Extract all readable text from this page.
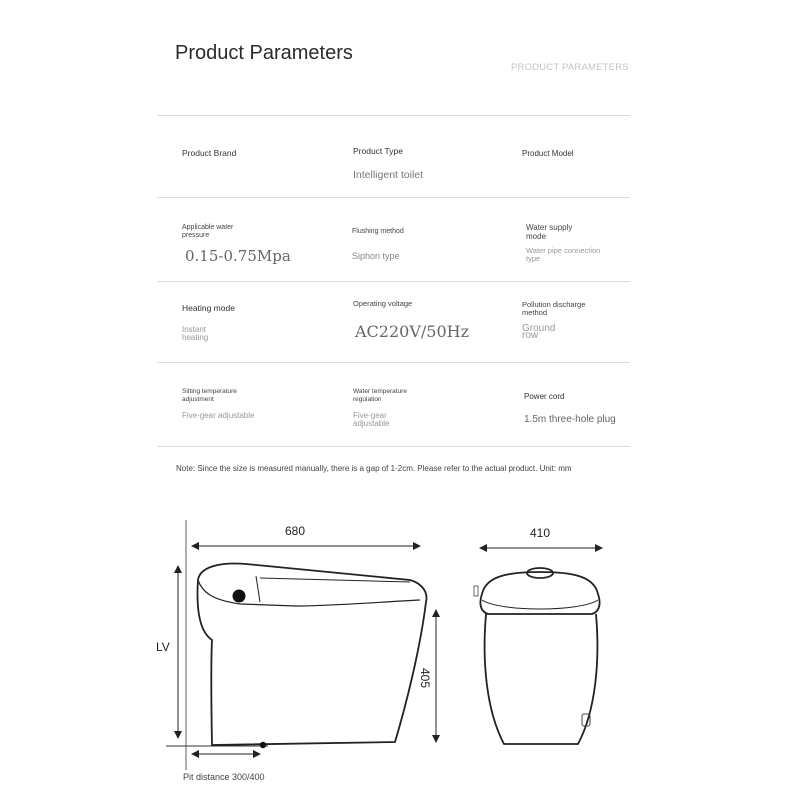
Product Parameters
PRODUCT PARAMETERS
Product Brand	Product Type
Intelligent toilet
Product Model
Applicable water pressure
0.15-0.75Mpa
Flushing method
Siphon type
Water supply mode
Water pipe connection type
Heating mode
Instant heating
Operating voltage
AC220V/50Hz
Pollution discharge method
Ground row
Sitting temperature adjustment
Five-gear adjustable
Water temperature regulation
Five-gear adjustable
Power cord
1.5m three-hole plug
Note: Since the size is measured manually, there is a gap of 1-2cm. Please refer to the actual product. Unit: mm
680	410
LV
405
Pit distance 300/400
